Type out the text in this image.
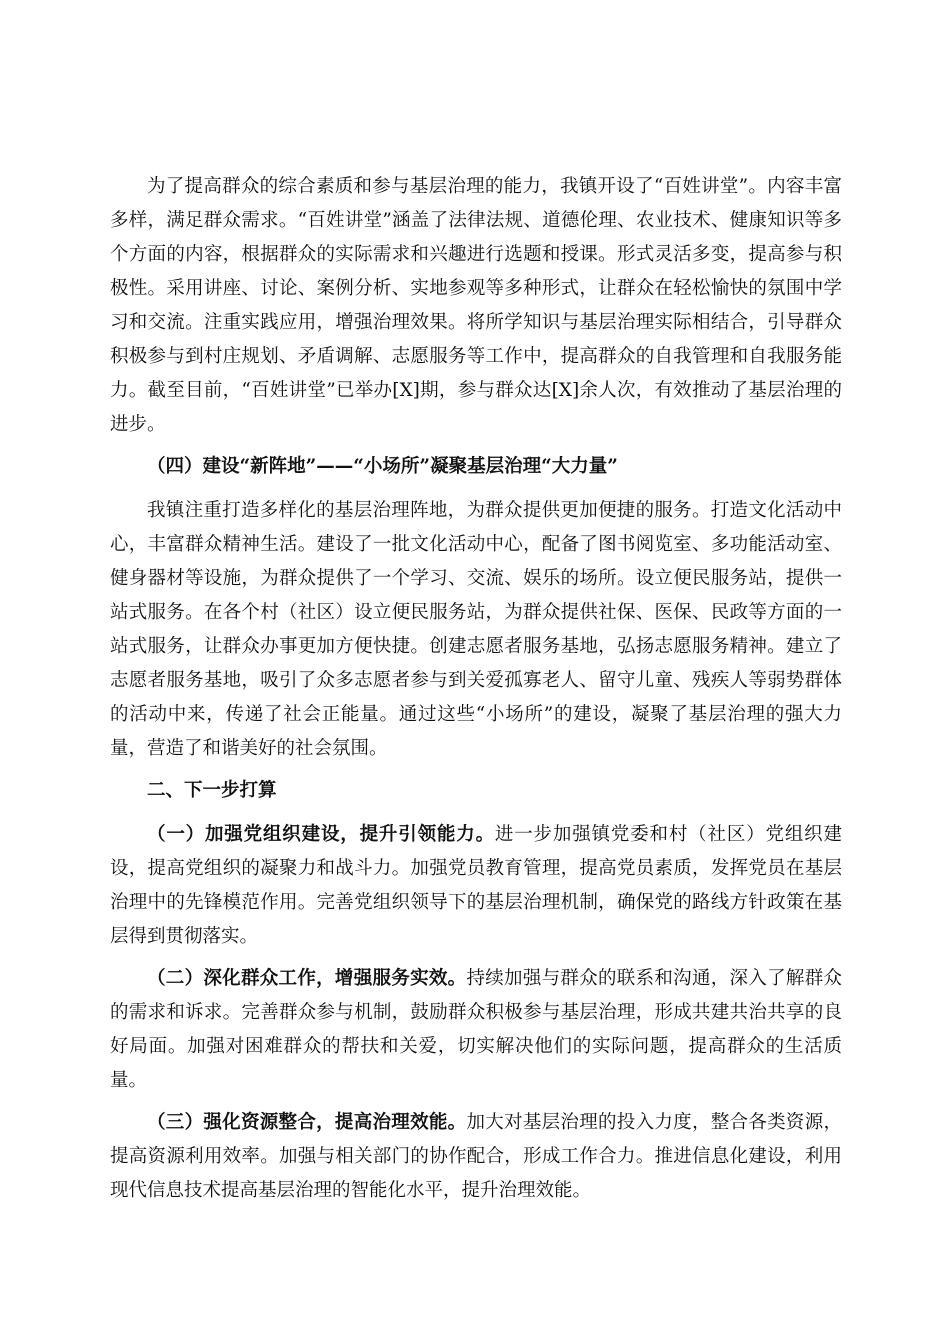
为了提高群众的综合素质和参与基层治理的能力，我镇开设了“百姓讲堂”。内容丰富多样，满足群众需求。“百姓讲堂”涵盖了法律法规、道德伦理、农业技术、健康知识等多个方面的内容，根据群众的实际需求和兴趣进行选题和授课。形式灵活多变，提高参与积极性。采用讲座、讨论、案例分析、实地参观等多种形式，让群众在轻松愉快的氛围中学习和交流。注重实践应用，增强治理效果。将所学知识与基层治理实际相结合，引导群众积极参与到村庄规划、矛盾调解、志愿服务等工作中，提高群众的自我管理和自我服务能力。截至目前，“百姓讲堂”已举办[X]期，参与群众达[X]余人次，有效推动了基层治理的进步。

（四）建设“新阵地”——“小场所”凝聚基层治理“大力量”

我镇注重打造多样化的基层治理阵地，为群众提供更加便捷的服务。打造文化活动中心，丰富群众精神生活。建设了一批文化活动中心，配备了图书阅览室、多功能活动室、健身器材等设施，为群众提供了一个学习、交流、娱乐的场所。设立便民服务站，提供一站式服务。在各个村（社区）设立便民服务站，为群众提供社保、医保、民政等方面的一站式服务，让群众办事更加方便快捷。创建志愿者服务基地，弘扬志愿服务精神。建立了志愿者服务基地，吸引了众多志愿者参与到关爱孤寡老人、留守儿童、残疾人等弱势群体的活动中来，传递了社会正能量。通过这些“小场所”的建设，凝聚了基层治理的强大力量，营造了和谐美好的社会氛围。

二、下一步打算

（一）加强党组织建设，提升引领能力。进一步加强镇党委和村（社区）党组织建设，提高党组织的凝聚力和战斗力。加强党员教育管理，提高党员素质，发挥党员在基层治理中的先锋模范作用。完善党组织领导下的基层治理机制，确保党的路线方针政策在基层得到贯彻落实。

（二）深化群众工作，增强服务实效。持续加强与群众的联系和沟通，深入了解群众的需求和诉求。完善群众参与机制，鼓励群众积极参与基层治理，形成共建共治共享的良好局面。加强对困难群众的帮扶和关爱，切实解决他们的实际问题，提高群众的生活质量。

（三）强化资源整合，提高治理效能。加大对基层治理的投入力度，整合各类资源，提高资源利用效率。加强与相关部门的协作配合，形成工作合力。推进信息化建设，利用现代信息技术提高基层治理的智能化水平，提升治理效能。
